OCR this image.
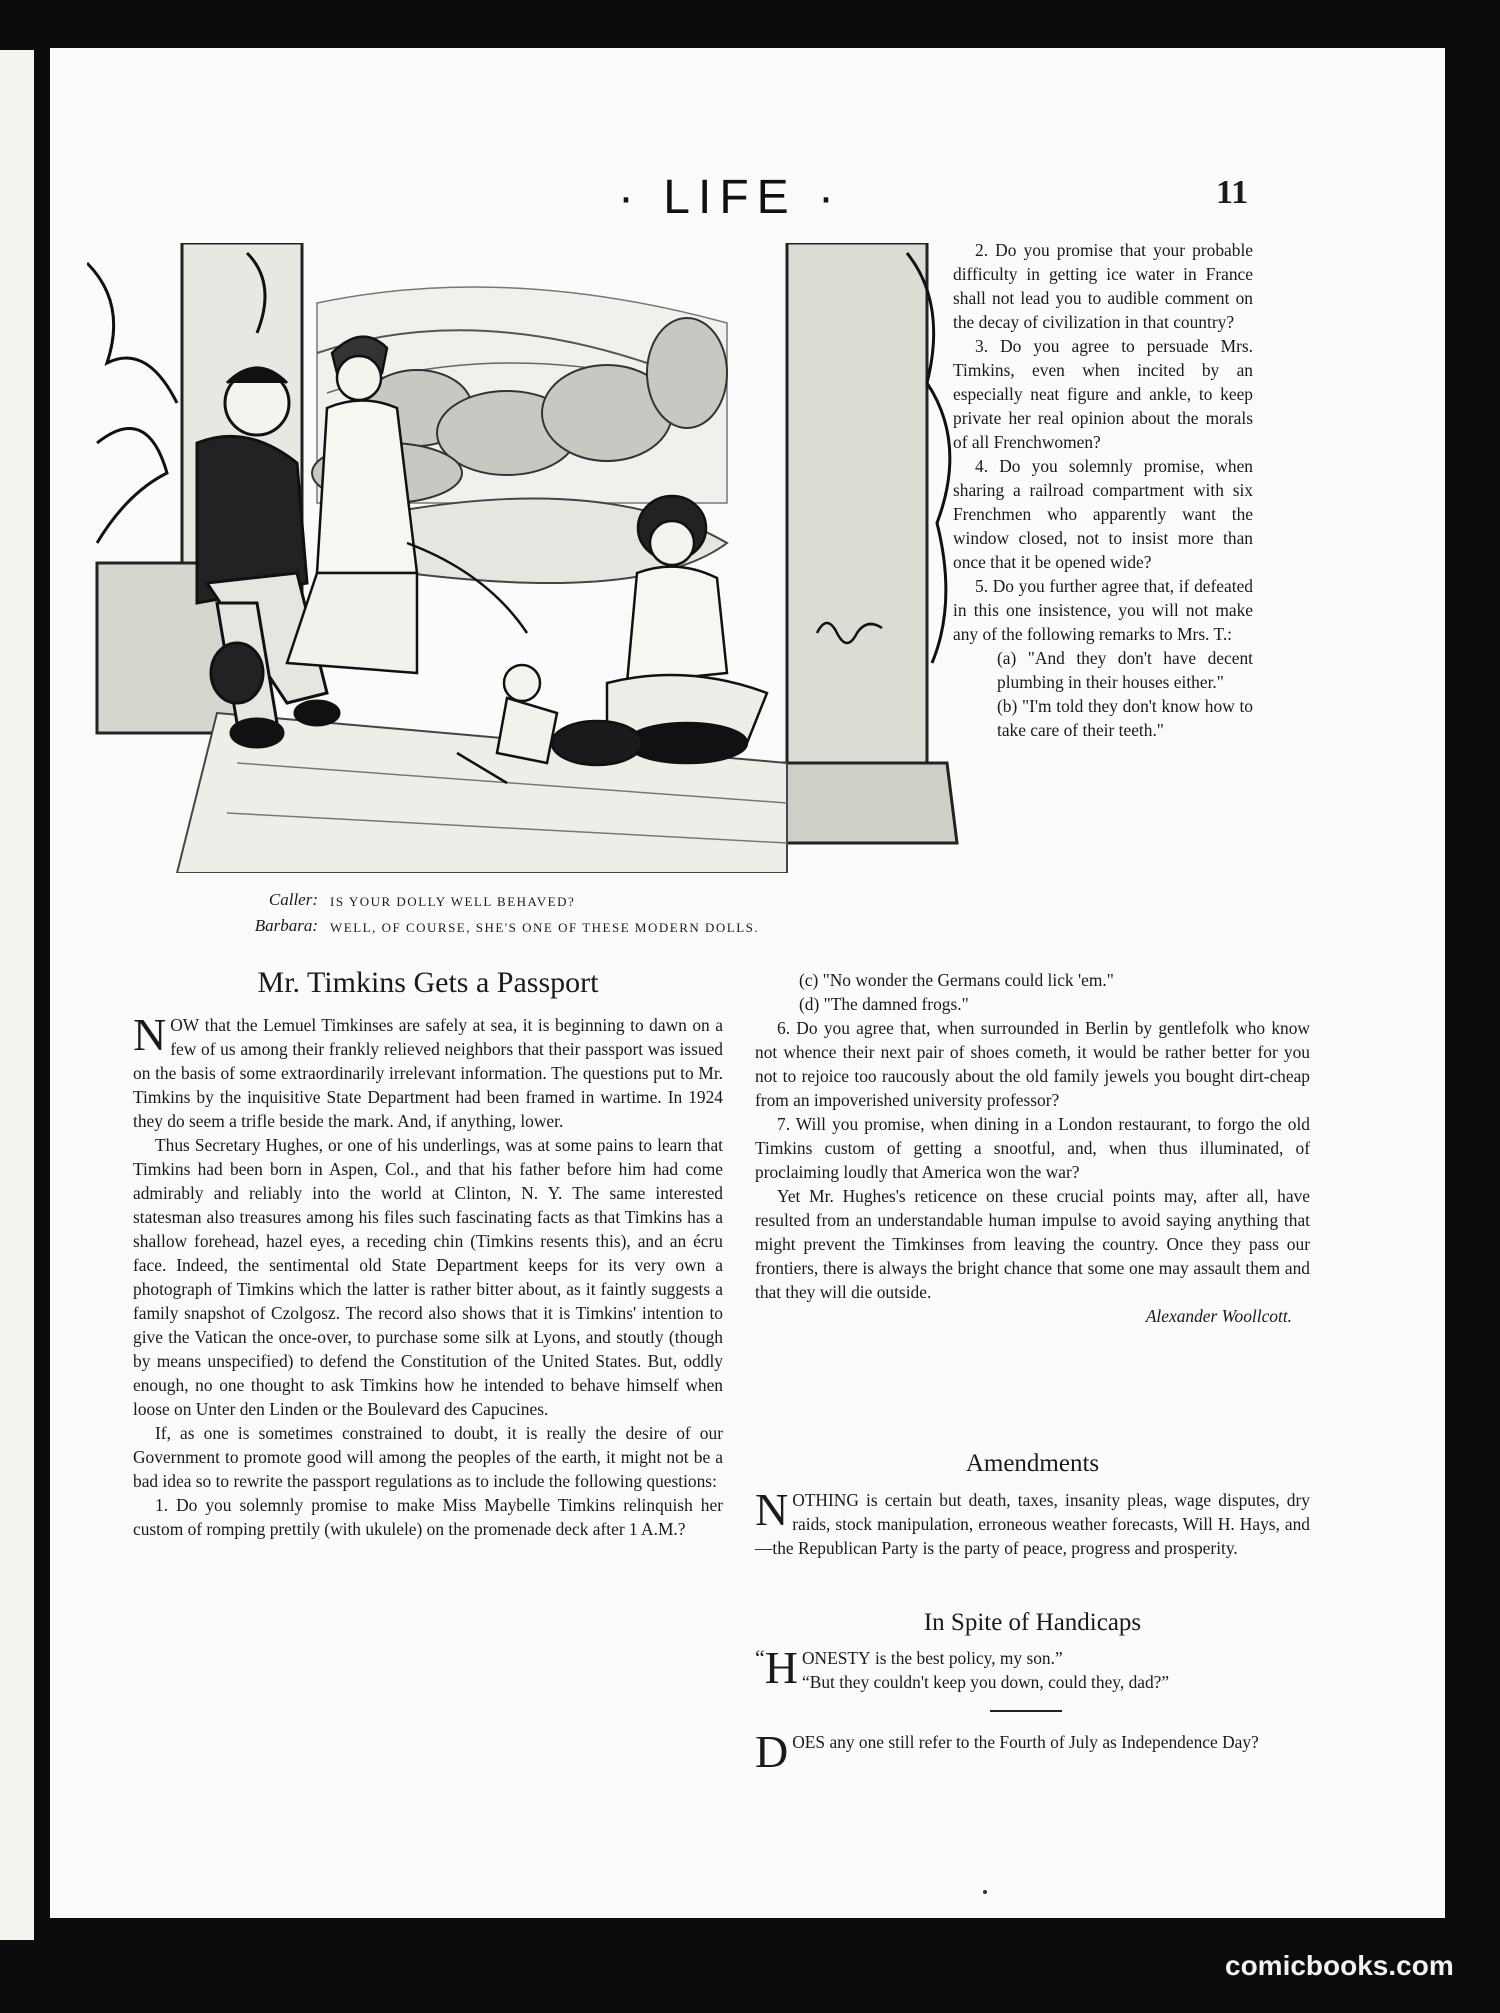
· LIFE ·	11
Caller: IS YOUR DOLLY WELL BEHAVED?
Barbara: WELL, OF COURSE, SHE'S ONE OF THESE MODERN DOLLS.
Mr. Timkins Gets a Passport

NOW that the Lemuel Timkinses are safely at sea, it is beginning to dawn on a few of us among their frankly relieved neighbors that their passport was issued on the basis of some extraordinarily irrelevant information. The questions put to Mr. Timkins by the inquisitive State Department had been framed in wartime. In 1924 they do seem a trifle beside the mark. And, if anything, lower.

Thus Secretary Hughes, or one of his underlings, was at some pains to learn that Timkins had been born in Aspen, Col., and that his father before him had come admirably and reliably into the world at Clinton, N. Y. The same interested statesman also treasures among his files such fascinating facts as that Timkins has a shallow forehead, hazel eyes, a receding chin (Timkins resents this), and an écru face. Indeed, the sentimental old State Department keeps for its very own a photograph of Timkins which the latter is rather bitter about, as it faintly suggests a family snapshot of Czolgosz. The record also shows that it is Timkins' intention to give the Vatican the once-over, to purchase some silk at Lyons, and stoutly (though by means unspecified) to defend the Constitution of the United States. But, oddly enough, no one thought to ask Timkins how he intended to behave himself when loose on Unter den Linden or the Boulevard des Capucines.

If, as one is sometimes constrained to doubt, it is really the desire of our Government to promote good will among the peoples of the earth, it might not be a bad idea so to rewrite the passport regulations as to include the following questions:

1. Do you solemnly promise to make Miss Maybelle Timkins relinquish her custom of romping prettily (with ukulele) on the promenade deck after 1 A.M.?

2. Do you promise that your probable difficulty in getting ice water in France shall not lead you to audible comment on the decay of civilization in that country?

3. Do you agree to persuade Mrs. Timkins, even when incited by an especially neat figure and ankle, to keep private her real opinion about the morals of all Frenchwomen?

4. Do you solemnly promise, when sharing a railroad compartment with six Frenchmen who apparently want the window closed, not to insist more than once that it be opened wide?

5. Do you further agree that, if defeated in this one insistence, you will not make any of the following remarks to Mrs. T.:

(a) "And they don't have decent plumbing in their houses either."

(b) "I'm told they don't know how to take care of their teeth."

(c) "No wonder the Germans could lick 'em."

(d) "The damned frogs."

6. Do you agree that, when surrounded in Berlin by gentlefolk who know not whence their next pair of shoes cometh, it would be rather better for you not to rejoice too raucously about the old family jewels you bought dirt-cheap from an impoverished university professor?

7. Will you promise, when dining in a London restaurant, to forgo the old Timkins custom of getting a snootful, and, when thus illuminated, of proclaiming loudly that America won the war?

Yet Mr. Hughes's reticence on these crucial points may, after all, have resulted from an understandable human impulse to avoid saying anything that might prevent the Timkinses from leaving the country. Once they pass our frontiers, there is always the bright chance that some one may assault them and that they will die outside.

Alexander Woollcott.

Amendments

NOTHING is certain but death, taxes, insanity pleas, wage disputes, dry raids, stock manipulation, erroneous weather forecasts, Will H. Hays, and—the Republican Party is the party of peace, progress and prosperity.

In Spite of Handicaps

“ H ONESTY is the best policy, my son.”
“But they couldn't keep you down, could they, dad?”

DOES any one still refer to the Fourth of July as Independence Day?

comicbooks.com
